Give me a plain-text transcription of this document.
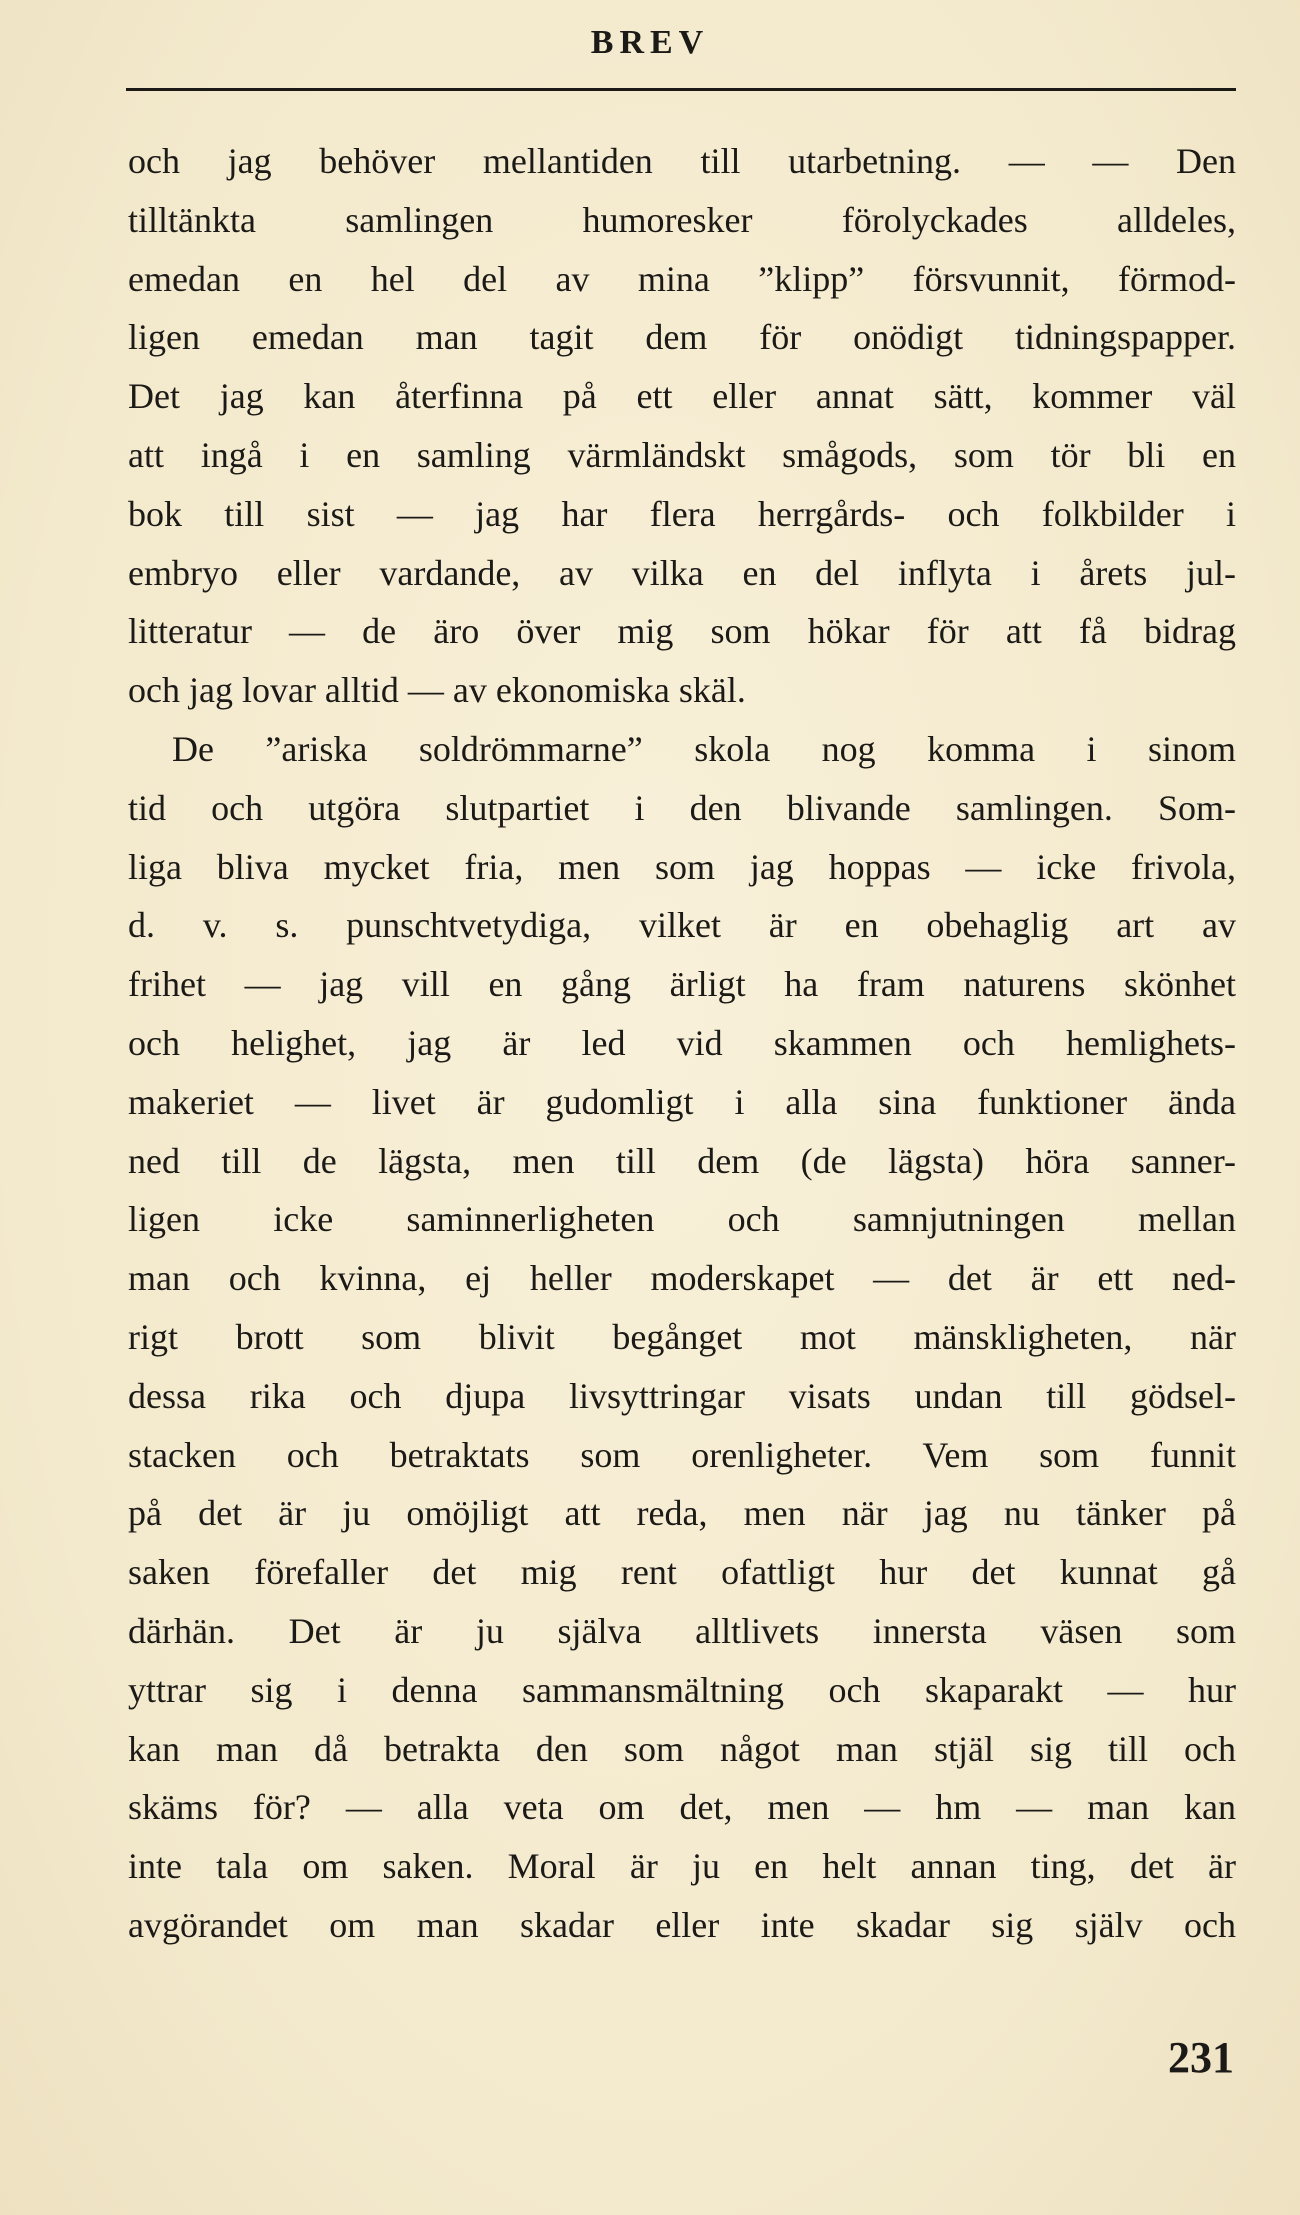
BREV
och jag behöver mellantiden till utarbetning. — — Den
tilltänkta samlingen humoresker förolyckades alldeles,
emedan en hel del av mina ”klipp” försvunnit, förmod-
ligen emedan man tagit dem för onödigt tidningspapper.
Det jag kan återfinna på ett eller annat sätt, kommer väl
att ingå i en samling värmländskt smågods, som tör bli en
bok till sist — jag har flera herrgårds- och folkbilder i
embryo eller vardande, av vilka en del inflyta i årets jul-
litteratur — de äro över mig som hökar för att få bidrag
och jag lovar alltid — av ekonomiska skäl.
De ”ariska soldrömmarne” skola nog komma i sinom
tid och utgöra slutpartiet i den blivande samlingen. Som-
liga bliva mycket fria, men som jag hoppas — icke frivola,
d. v. s. punschtvetydiga, vilket är en obehaglig art av
frihet — jag vill en gång ärligt ha fram naturens skönhet
och helighet, jag är led vid skammen och hemlighets-
makeriet — livet är gudomligt i alla sina funktioner ända
ned till de lägsta, men till dem (de lägsta) höra sanner-
ligen icke saminnerligheten och samnjutningen mellan
man och kvinna, ej heller moderskapet — det är ett ned-
rigt brott som blivit begånget mot mänskligheten, när
dessa rika och djupa livsyttringar visats undan till gödsel-
stacken och betraktats som orenligheter. Vem som funnit
på det är ju omöjligt att reda, men när jag nu tänker på
saken förefaller det mig rent ofattligt hur det kunnat gå
därhän. Det är ju själva alltlivets innersta väsen som
yttrar sig i denna sammansmältning och skaparakt — hur
kan man då betrakta den som något man stjäl sig till och
skäms för? — alla veta om det, men — hm — man kan
inte tala om saken. Moral är ju en helt annan ting, det är
avgörandet om man skadar eller inte skadar sig själv och
231
